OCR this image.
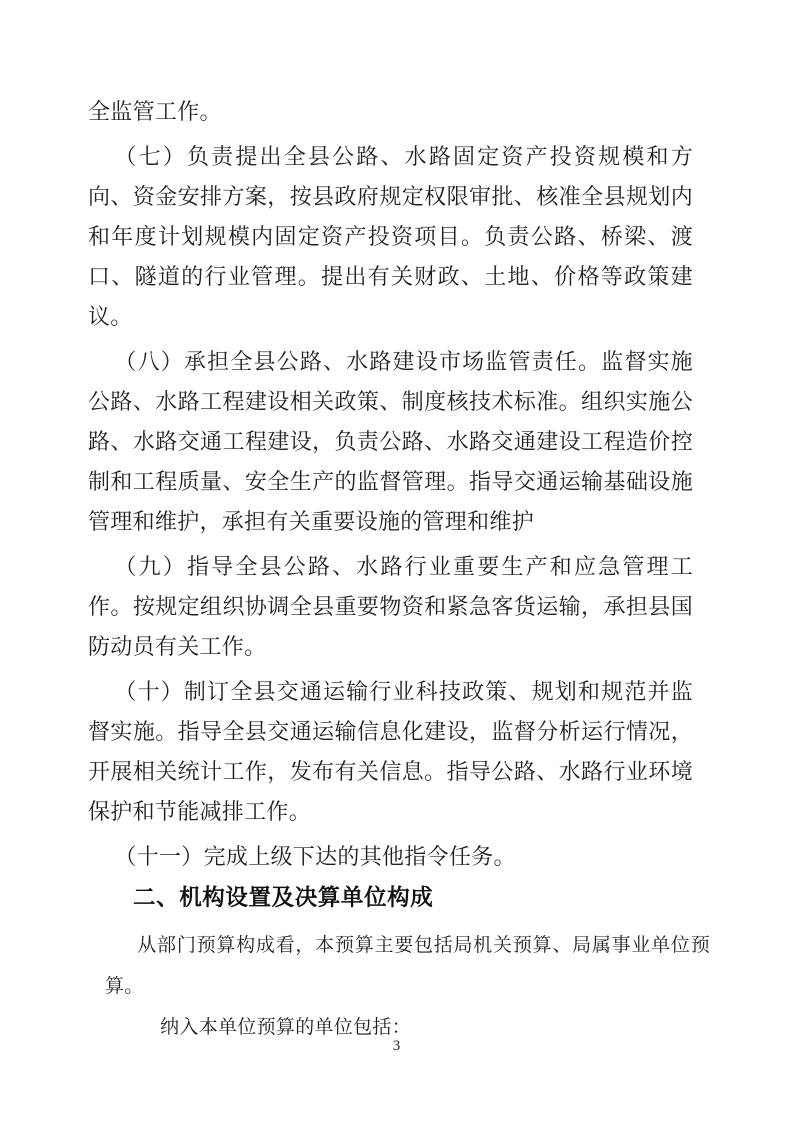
全监管工作。

（七）负责提出全县公路、水路固定资产投资规模和方向、资金安排方案，按县政府规定权限审批、核准全县规划内和年度计划规模内固定资产投资项目。负责公路、桥梁、渡口、隧道的行业管理。提出有关财政、土地、价格等政策建议。

（八）承担全县公路、水路建设市场监管责任。监督实施公路、水路工程建设相关政策、制度核技术标准。组织实施公路、水路交通工程建设，负责公路、水路交通建设工程造价控制和工程质量、安全生产的监督管理。指导交通运输基础设施管理和维护，承担有关重要设施的管理和维护

（九）指导全县公路、水路行业重要生产和应急管理工作。按规定组织协调全县重要物资和紧急客货运输，承担县国防动员有关工作。

（十）制订全县交通运输行业科技政策、规划和规范并监督实施。指导全县交通运输信息化建设，监督分析运行情况，开展相关统计工作，发布有关信息。指导公路、水路行业环境保护和节能减排工作。

（十一）完成上级下达的其他指令任务。

二、机构设置及决算单位构成

从部门预算构成看，本预算主要包括局机关预算、局属事业单位预算。

纳入本单位预算的单位包括：

3
